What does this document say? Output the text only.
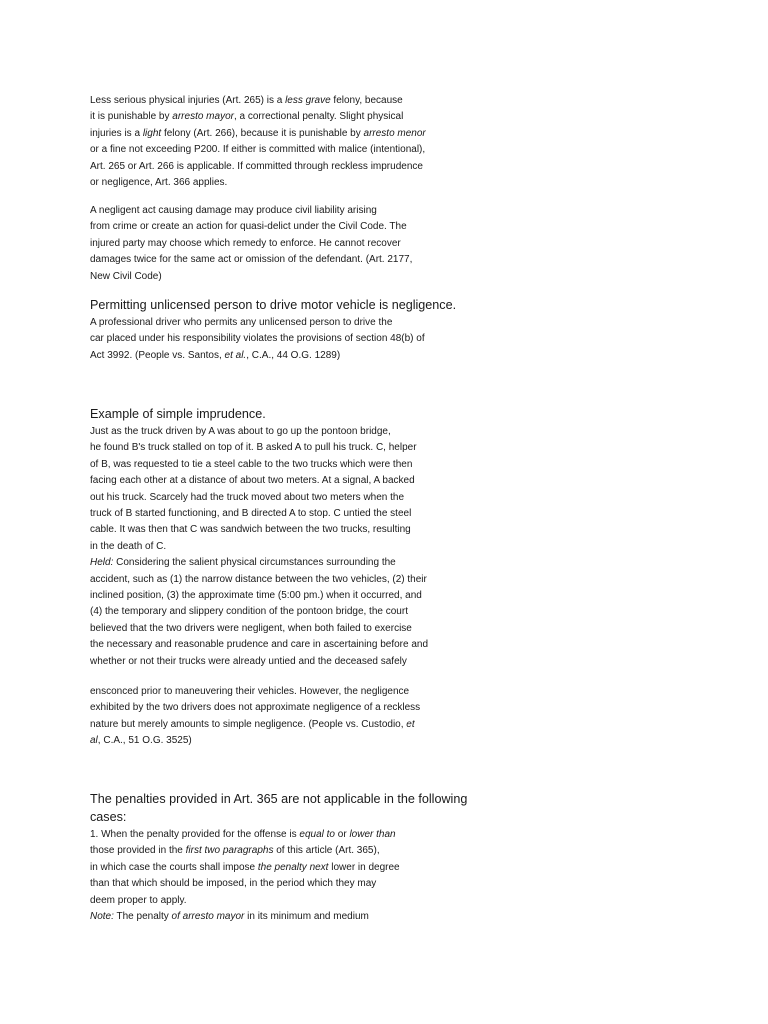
Less serious physical injuries (Art. 265) is a less grave felony, because
it is punishable by arresto mayor, a correctional penalty. Slight physical
injuries is a light felony (Art. 266), because it is punishable by arresto menor
or a fine not exceeding P200. If either is committed with malice (intentional),
Art. 265 or Art. 266 is applicable. If committed through reckless imprudence
or negligence, Art. 366 applies.
A negligent act causing damage may produce civil liability arising
from crime or create an action for quasi-delict under the Civil Code. The
injured party may choose which remedy to enforce. He cannot recover
damages twice for the same act or omission of the defendant. (Art. 2177,
New Civil Code)
Permitting unlicensed person to drive motor vehicle is negligence.
A professional driver who permits any unlicensed person to drive the
car placed under his responsibility violates the provisions of section 48(b) of
Act 3992. (People vs. Santos, et al., C.A., 44 O.G. 1289)
Example of simple imprudence.
Just as the truck driven by A was about to go up the pontoon bridge,
he found B's truck stalled on top of it. B asked A to pull his truck. C, helper
of B, was requested to tie a steel cable to the two trucks which were then
facing each other at a distance of about two meters. At a signal, A backed
out his truck. Scarcely had the truck moved about two meters when the
truck of B started functioning, and B directed A to stop. C untied the steel
cable. It was then that C was sandwich between the two trucks, resulting
in the death of C.
Held: Considering the salient physical circumstances surrounding the
accident, such as (1) the narrow distance between the two vehicles, (2) their
inclined position, (3) the approximate time (5:00 pm.) when it occurred, and
(4) the temporary and slippery condition of the pontoon bridge, the court
believed that the two drivers were negligent, when both failed to exercise
the necessary and reasonable prudence and care in ascertaining before and
whether or not their trucks were already untied and the deceased safely
ensconced prior to maneuvering their vehicles. However, the negligence
exhibited by the two drivers does not approximate negligence of a reckless
nature but merely amounts to simple negligence. (People vs. Custodio, et
al, C.A., 51 O.G. 3525)
The penalties provided in Art. 365 are not applicable in the following
cases:
1. When the penalty provided for the offense is equal to or lower than
those provided in the first two paragraphs of this article (Art. 365),
in which case the courts shall impose the penalty next lower in degree
than that which should be imposed, in the period which they may
deem proper to apply.
Note: The penalty of arresto mayor in its minimum and medium
